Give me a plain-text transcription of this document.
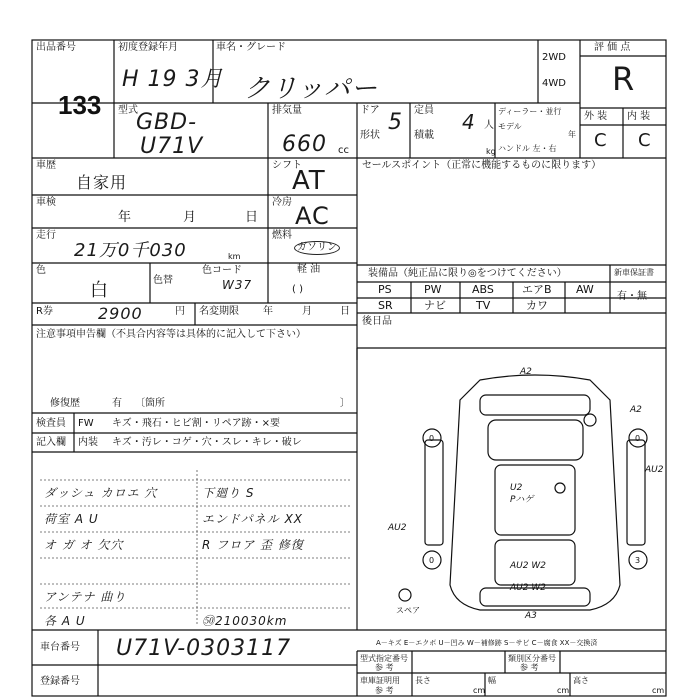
A2
A2
AU2
AU2
U2
Pハゲ
AU2 W2
AU2 W2
A3
0	0
0	3
出品番号
133
初度登録年月
H 19 3月
車名・グレード
クリッパー
2WD
4WD
評 価 点
R
型式
GBD-
U71V
排気量
660 cc
ドア 5
形状
定員 4 人
積載
kg
ディーラー・並行
モデル
年
ハンドル 左・右
外 装 内 装
C C
車歴
自家用
車検
年	月	日
走行
21万0千030	km
色
白	色替
色コード
W37
シフト
AT
冷房 AC
燃料
ガソリン
軽 油
( )
R券	2900	円 名変期限 年	月	日
セールスポイント（正常に機能するものに限ります）
装備品（純正品に限り◎をつけてください）	新車保証書
有・無
PS	PW	ABS	エアB AW
SR	ナビ	TV	カワ
後日品
注意事項申告欄（不具合内容等は具体的に記入して下さい）
修復歴	有 〔箇所	〕
検査員
記入欄
FW キズ・飛石・ヒビ割・リペア跡・×要
内装 キズ・汚レ・コゲ・穴・スレ・キレ・破レ
ダッシュ カロエ 穴
荷室 A U
オ ガ オ 欠穴
アンテナ 曲り
各 A U
下廻り S
エンドパネル XX
R フロア 歪 修復
㊿210030km
スペア
A－キズ E－エクボ U－凹み W－補修跡 S－サビ C－腐食 XX－交換済
車台番号 U71V-0303117
登録番号
型式指定番号
参 考
類別区分番号
参 考
車庫証明用
参 考
長さ
cm
幅
cm
高さ
cm
